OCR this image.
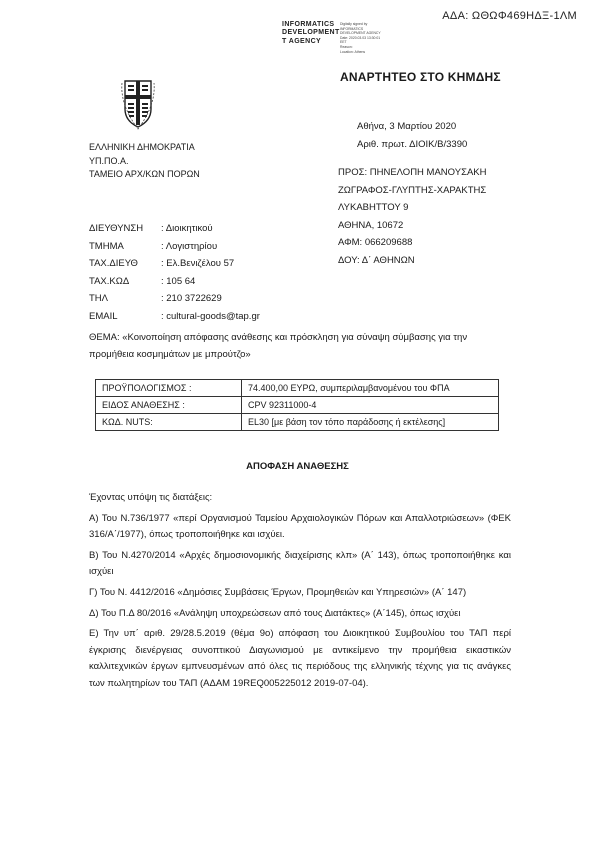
ΑΔΑ: ΩΘΩΦ469ΗΔΞ-1ΛΜ
INFORMATICS
DEVELOPMENT
T AGENCY
Digitally signed by
INFORMATICS
DEVELOPMENT AGENCY
Date: 2020.03.03 13:30:01
EET
Reason:
Location: Athens
ΑΝΑΡΤΗΤΕΟ ΣΤΟ ΚΗΜΔΗΣ
Αθήνα, 3 Μαρτίου 2020
Αριθ. πρωτ. ΔΙΟΙΚ/Β/3390
ΕΛΛΗΝΙΚΗ ΔΗΜΟΚΡΑΤΙΑ
ΥΠ.ΠΟ.Α.
ΤΑΜΕΙΟ ΑΡΧ/ΚΩΝ ΠΟΡΩΝ	ΠΡΟΣ: ΠΗΝΕΛΟΠΗ ΜΑΝΟΥΣΑΚΗ
ΖΩΓΡΑΦΟΣ-ΓΛΥΠΤΗΣ-ΧΑΡΑΚΤΗΣ
ΛΥΚΑΒΗΤΤΟΥ 9
ΑΘΗΝΑ, 10672
ΑΦΜ: 066209688
ΔΟΥ: Δ΄ ΑΘΗΝΩΝ
ΔΙΕΥΘΥΝΣΗ	: Διοικητικού
ΤΜΗΜΑ	: Λογιστηρίου
ΤΑΧ.ΔΙΕΥΘ	: Ελ.Βενιζέλου 57
ΤΑΧ.ΚΩΔ	: 105 64
ΤΗΛ	: 210 3722629
EMAIL	: cultural-goods@tap.gr
ΘΕΜΑ: «Κοινοποίηση απόφασης ανάθεσης και πρόσκληση για σύναψη σύμβασης για την προμήθεια κοσμημάτων με μπρούτζο»
ΠΡΟΫΠΟΛΟΓΙΣΜΟΣ :	74.400,00 ΕΥΡΩ, συμπεριλαμβανομένου του ΦΠΑ
ΕΙΔΟΣ ΑΝΑΘΕΣΗΣ :	CPV 92311000-4
ΚΩΔ. NUTS:	EL30 [με βάση τον τόπο παράδοσης ή εκτέλεσης]
ΑΠΟΦΑΣΗ ΑΝΑΘΕΣΗΣ

Έχοντας υπόψη τις διατάξεις:

Α) Του Ν.736/1977 «περί Οργανισμού Ταμείου Αρχαιολογικών Πόρων και Απαλλοτριώσεων» (ΦΕΚ 316/Α΄/1977), όπως τροποποιήθηκε και ισχύει.

Β) Του Ν.4270/2014 «Αρχές δημοσιονομικής διαχείρισης κλπ» (Α΄ 143), όπως τροποποιήθηκε και ισχύει

Γ) Του Ν. 4412/2016 «Δημόσιες Συμβάσεις Έργων, Προμηθειών και Υπηρεσιών» (Α΄ 147)

Δ) Του Π.Δ 80/2016 «Ανάληψη υποχρεώσεων από τους Διατάκτες» (Α΄145), όπως ισχύει

Ε) Την υπ΄ αριθ. 29/28.5.2019 (θέμα 9ο) απόφαση του Διοικητικού Συμβουλίου του ΤΑΠ περί έγκρισης διενέργειας συνοπτικού Διαγωνισμού με αντικείμενο την προμήθεια εικαστικών καλλιτεχνικών έργων εμπνευσμένων από όλες τις περιόδους της ελληνικής τέχνης για τις ανάγκες των πωλητηρίων του ΤΑΠ (ΑΔΑΜ 19REQ005225012 2019-07-04).
